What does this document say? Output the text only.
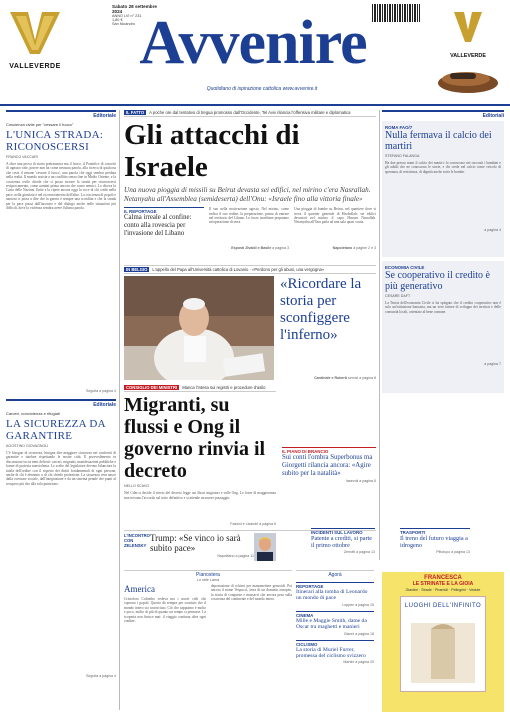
VALLEVERDE
Sabato 28 settembre
2024
ANNO LVI n° 231
1,80 €
San Nicandro Avvenire
Quotidiano di ispirazione cattolica www.avvenire.it
VALLEVERDE
Editoriale
Coscienza civile per "cessare il fuoco"
L'UNICA STRADA: RICONOSCERSI
FRANCO VACCARI
A oltre una prova di storia pretraumica ma il fuoco, il Pontefice di concetti di ognuno vale, potere non ha come nessuna parola, alla ricerca di qualcosa che cessi il rimane 'cessare il fuoco', una parola che oggi sembra perduta nella realtà. Il mondo assiste a un conflitto senza fine in Medio Oriente, e la coscienza civile chiede che si possa trovare la strada per riconoscersi reciprocamente, come uomini prima ancora che come nemici. Lo diceva la Carta delle Nazioni Unite e lo ripete ancora oggi la voce di chi crede nella pace, nella giustizia e nel riconoscimento dell'altro. La coscienza di popoli e nazioni ci porta a dire che la guerra è sempre una sconfitta e che la strada per la pace passa dall'incontro e dal dialogo anche nelle situazioni più difficili, dove la violenza sembra avere l'ultima parola.
Seguita a pagina 4
Editoriale
Carceri, nonviolenza e rifugiati
LA SICUREZZA DA GARANTIRE
AGOSTINO GIOVAGNOLI
C'è bisogno di sicurezza, bisogna dire maggiore sicurezza nei confronti di garantire e tutelare rispettando le nostre città. Il provvedimento in discussione tocca temi delicati: carceri, migranti, manifestazioni pubbliche e forme di protesta nonviolenta. Le scelte del legislatore devono bilanciare la tutela dell'ordine con il rispetto dei diritti fondamentali di ogni persona, anche di chi è detenuto o di chi chiede protezione. La sicurezza vera nasce dalla coesione sociale, dall'integrazione e da un sistema penale che punti al recupero più che alla sola punizione.
Seguita a pagina 4
IL FATTO A poche ore dal tentativo di tregua promosso dall'Occidente, Tel Aviv rilancia l'offensiva militare e diplomatica
Gli attacchi di Israele
Una nuova pioggia di missili su Beirut devasta sei edifici, nel mirino c'era Nasrallah. Netanyahu all'Assemblea (semideserta) dell'Onu: «Israele fino alla vittoria finale»
IL REPORTAGE
Calma irreale al confine: conto alla rovescia per l'invasione del Libano
Il suo nella motivazione agosto, Nel mirino, come indica il suo ordine, la preparazione, prima di entrare nel territorio del Libano. Le forze israeliane preparano un'operazione di terra.
Esposti Zivaldi e Basile a pagina 3
Una pioggia di bombe su Beirut, nel quartiere dove si trova il quartier generale di Hezbollah: sei edifici devastati nel mirino il capo Hassan Nasrallah. Netanyahu all'Onu parla ad una sala quasi vuota.
Napoletano a pagine 2 e 3
IN BELGIO L'appello del Papa all'Università cattolica di Lovanio · «Perdono per gli abusi, una vergogna»
«Ricordare la storia per sconfiggere l'inferno»
Cardinale e Roberti servizi a pagina 8
CONSIGLIO DEI MINISTRI Manca l'intesa sui registri e procedure d'asilo
Migranti, su flussi e Ong il governo rinvia il decreto
NELLO SCAVO
Nel Cdm si decide il rinvio del decreto legge sui flussi migratori e sulle Ong. Le forze di maggioranza non trovano l'accordo sul testo definitivo e si attende un nuovo passaggio.
Fassini e Lisandri a pagina 6
IL PIANO DI BRANCIO
Sui conti l'ombra Superbonus ma Giorgetti rilancia ancora: «Agire subito per la natalità»
Iasevoli a pagina 5
L'INCONTRO CON ZELENSKY
Trump: «Se vinco io sarà subito pace»
Napolitano a pagina 11
Editoriali
ROMA FAO/7
Nulla fermava il calcio dei martiri
STEFANO FALANGA
Ha due presso nomi il calcio dei martiri: lo conoscono nei racconti i bambini e gli adulti che ne conoscono le storie, e chi crede nel calcio come veicolo di speranza, di resistenza, di dignità anche sotto le bombe.
a pagina 4
ECONOMIA CIVILE
Se cooperativo il credito è più generativo
CESARE DAFT
La Teoria dell'economia Civile ci ha spiegato che il credito cooperativo non è solo un'istituzione bancaria, ma un vero fattore di sviluppo dei territori e delle comunità locali, orientato al bene comune.
a pagina 7
INCIDENTI SUL LAVORO
Patente a crediti, si parte il primo ottobre
Zerrotti a pagina 13
TRASPORTI
Il treno del futuro viaggia a idrogeno
Pittolupo a pagina 13
Pianostera
Lo stile Lama
America
Cristoforo Colombo vedeva ma i nuovi cieli che coprono i popoli. Questo dà sempre per scontato che il mondo intero sia conosciuto. Ciò che sappiamo è molto e poco, molto di più di quanto un tempo si pensasse. La scoperta non finisce mai: il viaggio continua oltre ogni confine.
deportazione di schiavi per manomettere genocidi. Poi ancora il nome Vespucci, terra di un dominio europeo, la storia di conquiste e massacri che ancora pesa sulla coscienza del continente e del mondo intero.
Agorà
REPORTAGE
Itinerari alla tomba di Leonardo un mondo di pace
Loppen a pagina 15
CINEMA
Mille e Maggie Smith, dame da Oscar tra maghetti e manieri
Gianni a pagina 18
CICLISMO
La storia di Muriel Furrer, promessa del ciclismo svizzero
Martini a pagina 20
FRANCESCA
LE STRINATE E LA GIOIA
Giardini · Strade · Piramidi · Pellegrini · Vedute
LUOGHI DELL'INFINITO
